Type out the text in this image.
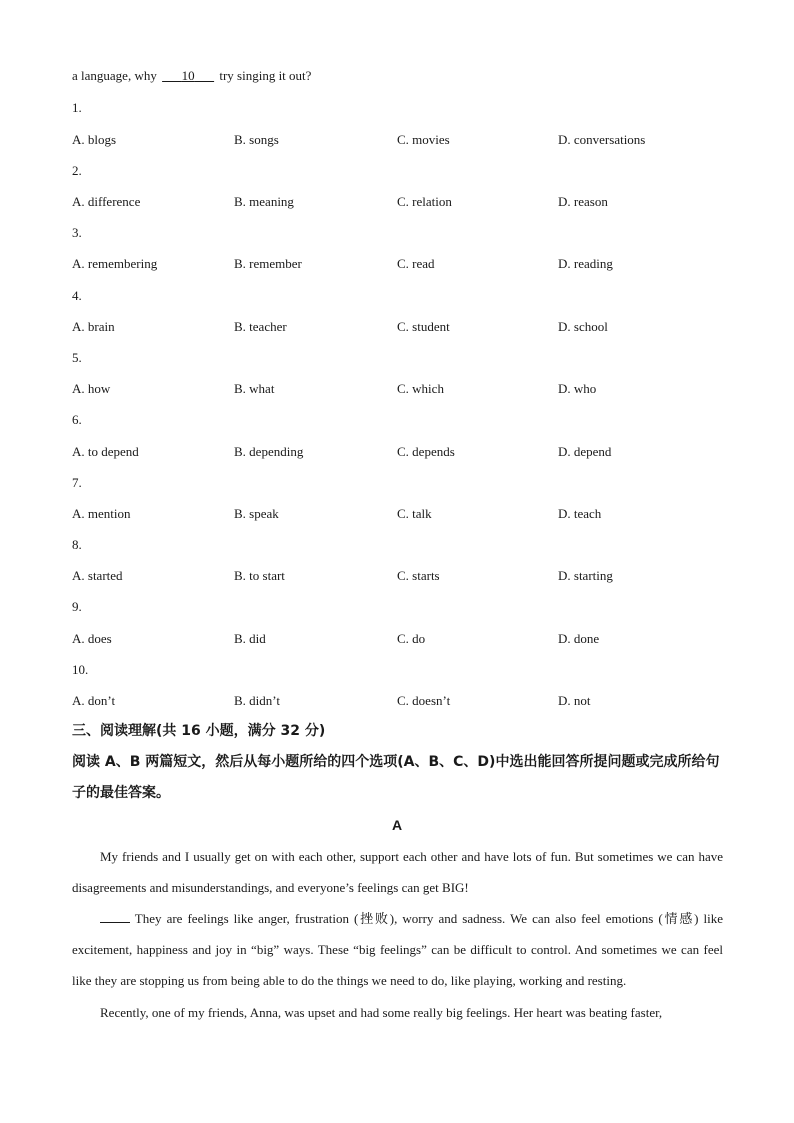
a language, why       10       try singing it out?
1.
A. blogs	B. songs	C. movies	D. conversations
2.
A. difference	B. meaning	C. relation	D. reason
3.
A. remembering	B. remember	C. read	D. reading
4.
A. brain	B. teacher	C. student	D. school
5.
A. how	B. what	C. which	D. who
6.
A. to depend	B. depending	C. depends	D. depend
7.
A. mention	B. speak	C. talk	D. teach
8.
A. started	B. to start	C. starts	D. starting
9.
A. does	B. did	C. do	D. done
10.
A. don’t	B. didn’t	C. doesn’t	D. not
三、阅读理解(共 16 小题，满分 32 分)
阅读 A、B 两篇短文，然后从每小题所给的四个选项(A、B、C、D)中选出能回答所提问题或完成所给句子的最佳答案。
A
My friends and I usually get on with each other, support each other and have lots of fun. But sometimes we can have disagreements and misunderstandings, and everyone’s feelings can get BIG!
They are feelings like anger, frustration (挫败), worry and sadness. We can also feel emotions (情感) like excitement, happiness and joy in “big” ways. These “big feelings” can be difficult to control. And sometimes we can feel like they are stopping us from being able to do the things we need to do, like playing, working and resting.
Recently, one of my friends, Anna, was upset and had some really big feelings. Her heart was beating faster,
